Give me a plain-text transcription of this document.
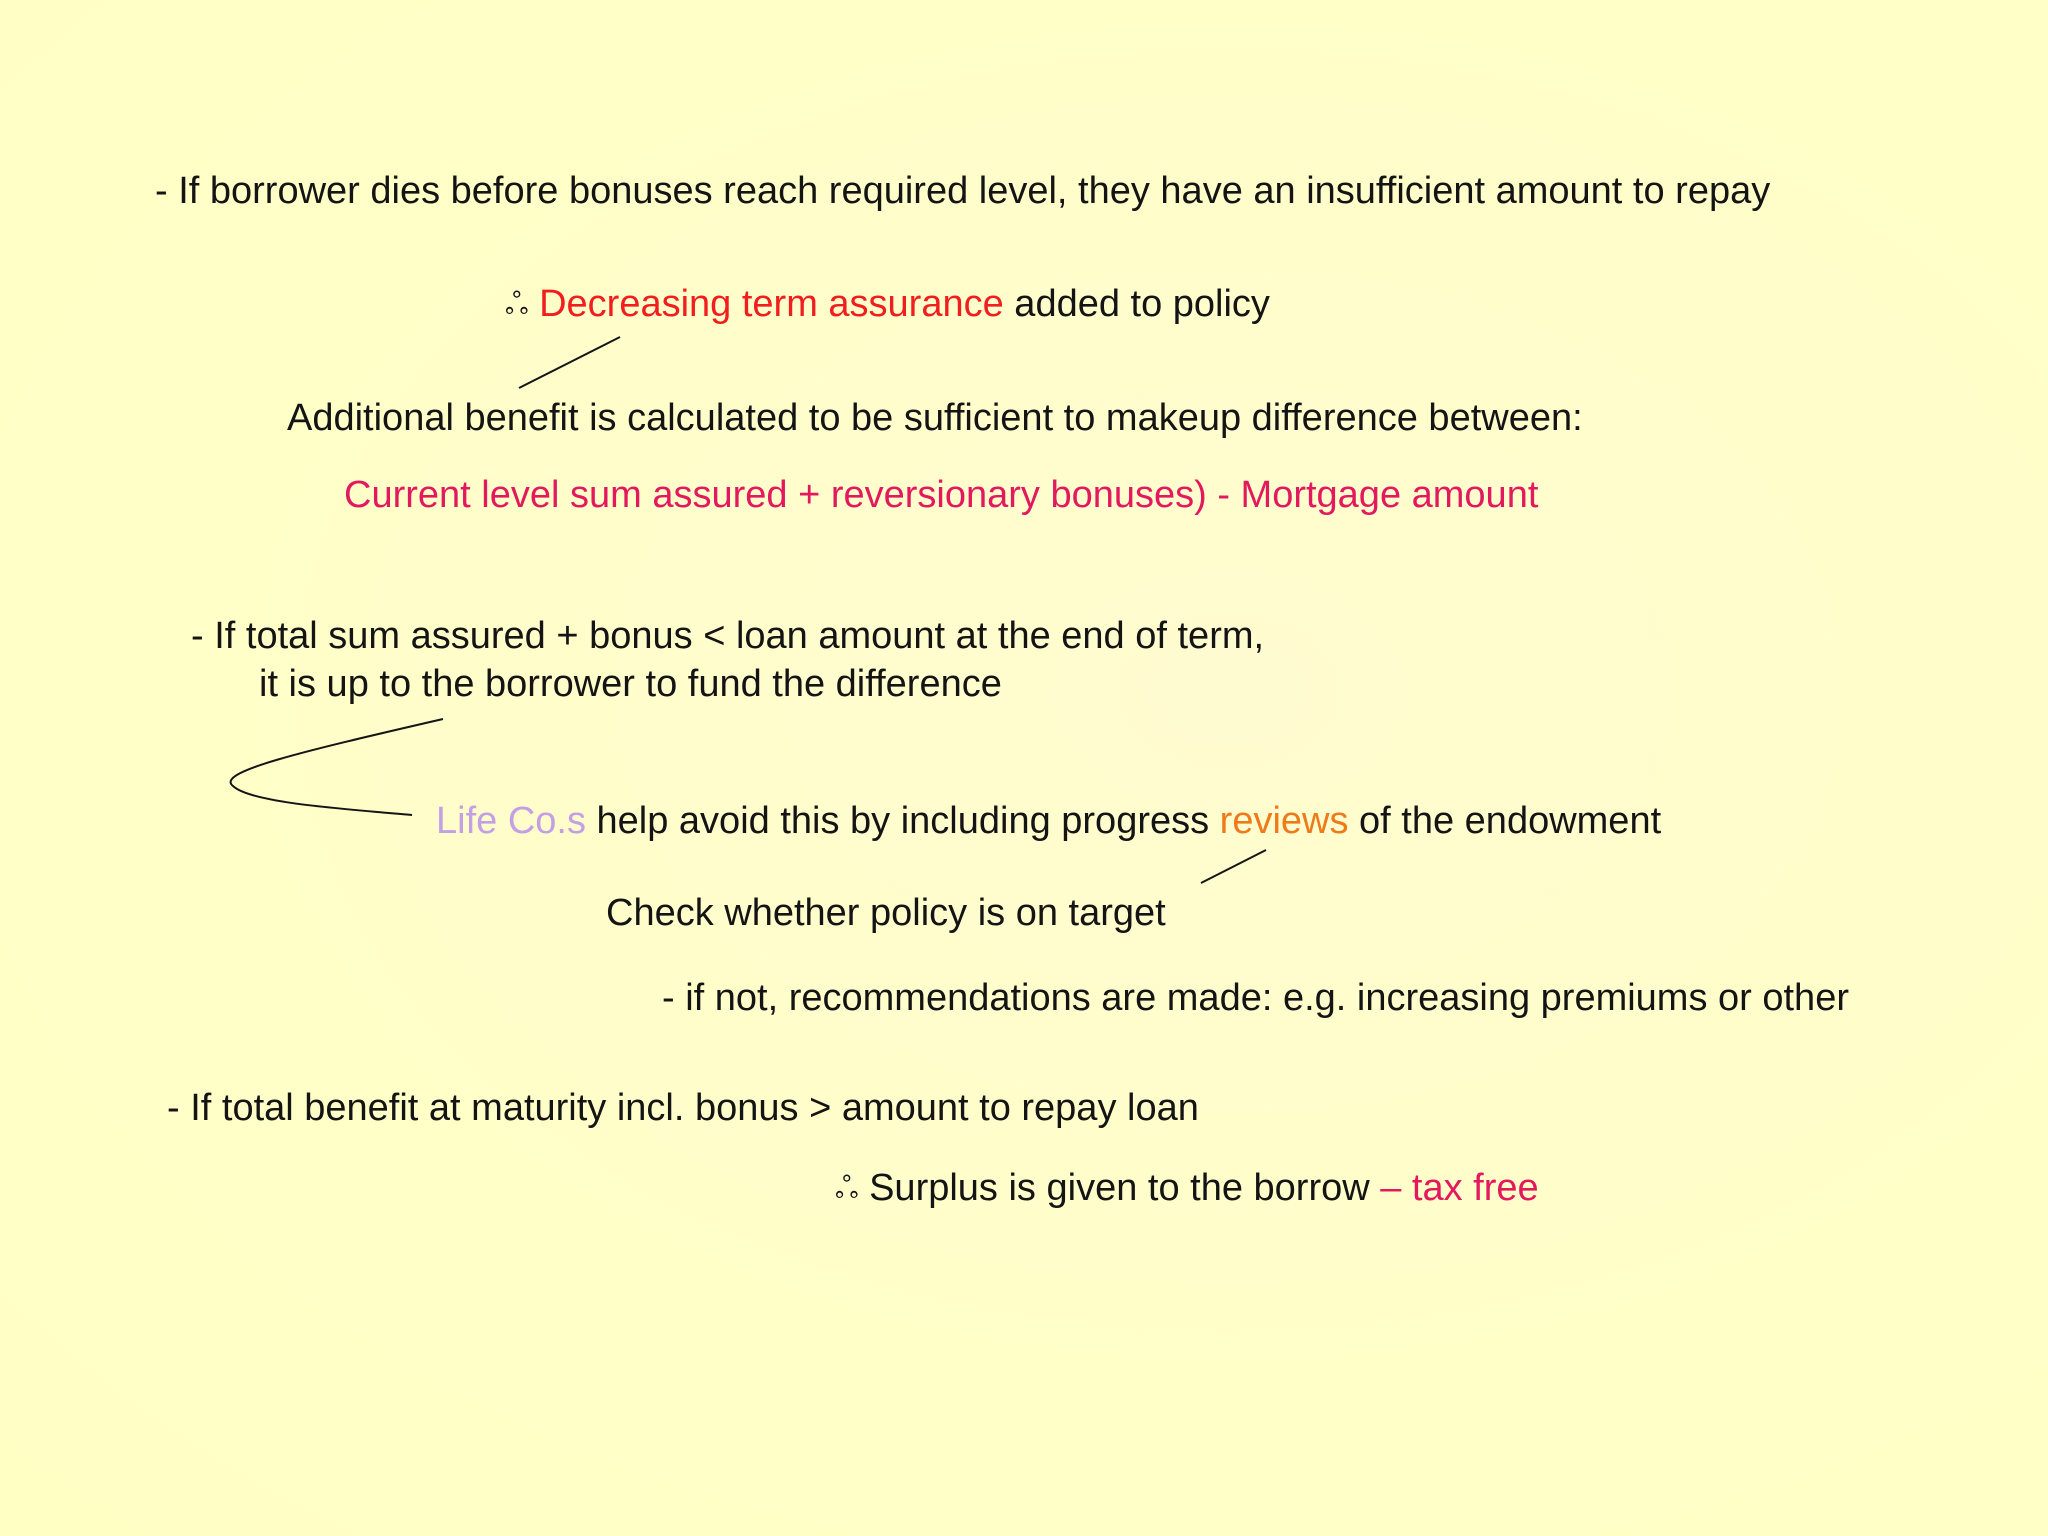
- If borrower dies before bonuses reach required level, they have an insufficient amount to repay
ஃ Decreasing term assurance added to policy
Additional benefit is calculated to be sufficient to makeup difference between:
Current level sum assured + reversionary bonuses) - Mortgage amount
- If total sum assured + bonus < loan amount at the end of term,
it is up to the borrower to fund the difference
Life Co.s help avoid this by including progress reviews of the endowment
Check whether policy is on target
- if not, recommendations are made: e.g. increasing premiums or other
- If total benefit at maturity incl. bonus > amount to repay loan
ஃ Surplus is given to the borrow – tax free
